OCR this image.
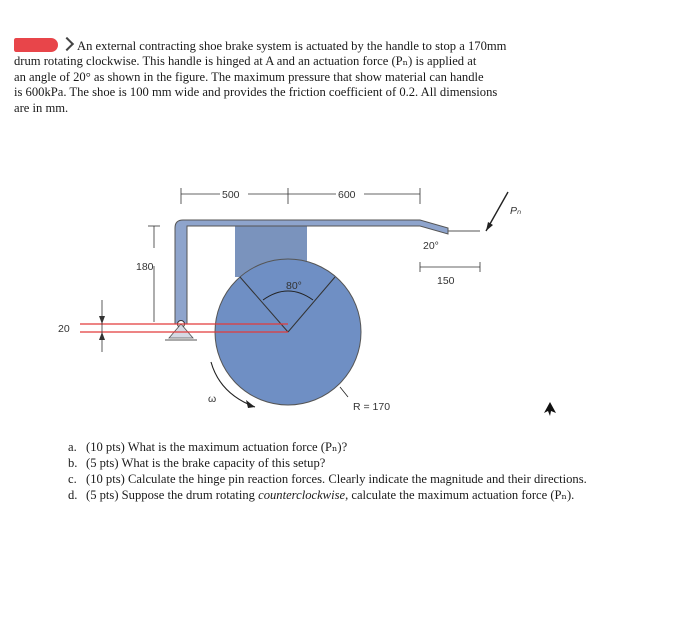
An external contracting shoe brake system is actuated by the handle to stop a 170mm
drum rotating clockwise. This handle is hinged at A and an actuation force (Pₙ) is applied at
an angle of 20° as shown in the figure. The maximum pressure that show material can handle
is 600kPa. The shoe is 100 mm wide and provides the friction coefficient of 0.2. All dimensions
are in mm.
80°
20°
Pₙ
150
500	600
180
20
ω
R = 170
a. (10 pts) What is the maximum actuation force (Pₙ)?
b. (5 pts) What is the brake capacity of this setup?
c. (10 pts) Calculate the hinge pin reaction forces. Clearly indicate the magnitude and their directions.
d. (5 pts) Suppose the drum rotating counterclockwise, calculate the maximum actuation force (Pₙ).
